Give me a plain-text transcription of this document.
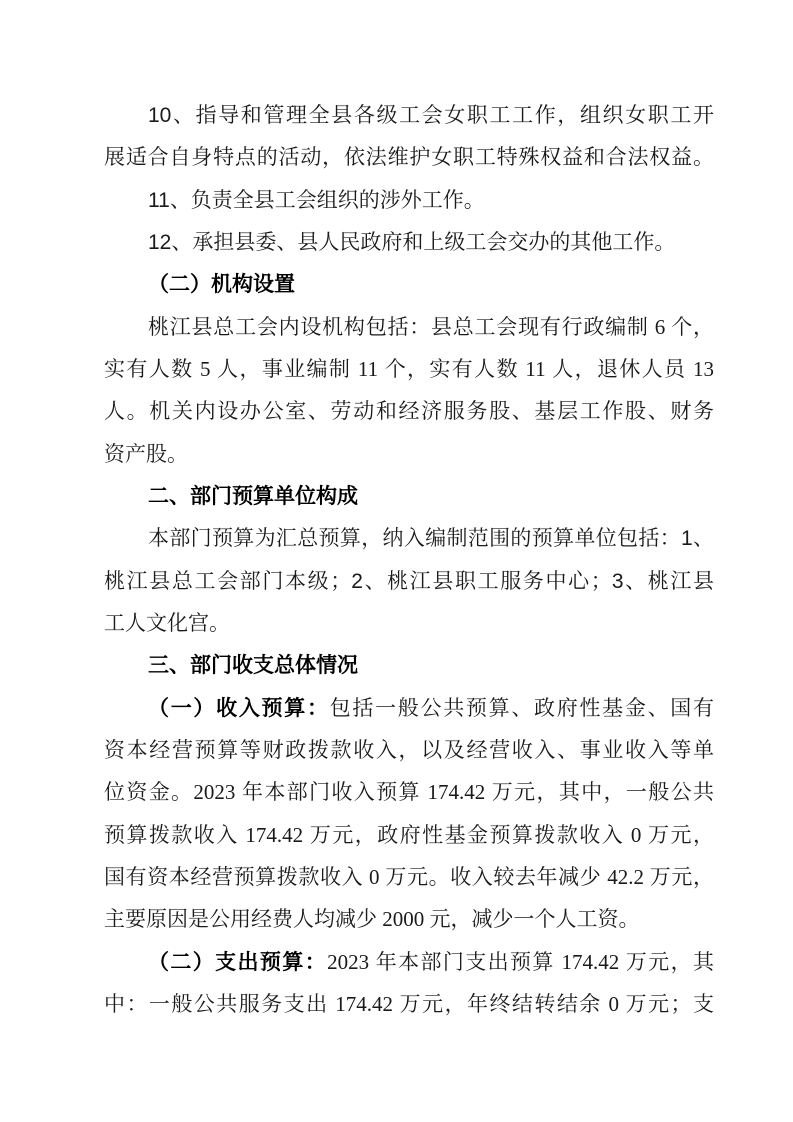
10、指导和管理全县各级工会女职工工作，组织女职工开
展适合自身特点的活动，依法维护女职工特殊权益和合法权益。
11、负责全县工会组织的涉外工作。
12、承担县委、县人民政府和上级工会交办的其他工作。
（二）机构设置
桃江县总工会内设机构包括：县总工会现有行政编制 6 个，
实有人数 5 人，事业编制 11 个，实有人数 11 人，退休人员 13
人。机关内设办公室、劳动和经济服务股、基层工作股、财务
资产股。
二、部门预算单位构成
本部门预算为汇总预算，纳入编制范围的预算单位包括：1、
桃江县总工会部门本级；2、桃江县职工服务中心；3、桃江县
工人文化宫。
三、部门收支总体情况
（一）收入预算：包括一般公共预算、政府性基金、国有
资本经营预算等财政拨款收入，以及经营收入、事业收入等单
位资金。2023 年本部门收入预算 174.42 万元，其中，一般公共
预算拨款收入 174.42 万元，政府性基金预算拨款收入 0 万元，
国有资本经营预算拨款收入 0 万元。收入较去年减少 42.2 万元，
主要原因是公用经费人均减少 2000 元，减少一个人工资。
（二）支出预算：2023 年本部门支出预算 174.42 万元，其
中：一般公共服务支出 174.42 万元，年终结转结余 0 万元；支
